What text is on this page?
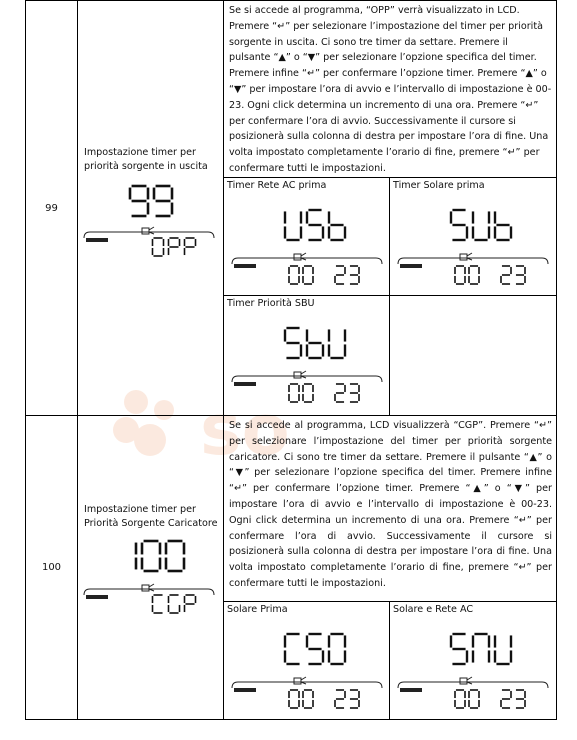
so
99	Impostazione timer per priorità sorgente in uscita	Se si accede al programma, “OPP” verrà visualizzato in LCD. Premere “↵” per selezionare l’impostazione del timer per priorità sorgente in uscita. Ci sono tre timer da settare. Premere il pulsante “▲” o “▼” per selezionare l’opzione specifica del timer. Premere infine “↵” per confermare l’opzione timer. Premere “▲” o “▼” per impostare l’ora di avvio e l’intervallo di impostazione è 00-23. Ogni click determina un incremento di una ora. Premere “↵” per confermare l’ora di avvio. Successivamente il cursore si posizionerà sulla colonna di destra per impostare l’ora di fine. Una volta impostato completamente l’orario di fine, premere “↵” per confermare tutti le impostazioni.	

		Timer Rete AC prima	Timer Solare prima

		Timer Priorità SBU	

100	Impostazione timer per Priorità Sorgente Caricatore	Se si accede al programma, LCD visualizzerà “CGP”. Premere “↵” per selezionare l’impostazione del timer per priorità sorgente caricatore. Ci sono tre timer da settare. Premere il pulsante “▲” o “▼” per selezionare l’opzione specifica del timer. Premere infine “↵” per confermare l’opzione timer. Premere “▲” o “▼” per impostare l’ora di avvio e l’intervallo di impostazione è 00-23. Ogni click determina un incremento di una ora. Premere “↵” per confermare l’ora di avvio. Successivamente il cursore si posizionerà sulla colonna di destra per impostare l’ora di fine. Una volta impostato completamente l’orario di fine, premere “↵” per confermare tutti le impostazioni.	

		Solare Prima	Solare e Rete AC
